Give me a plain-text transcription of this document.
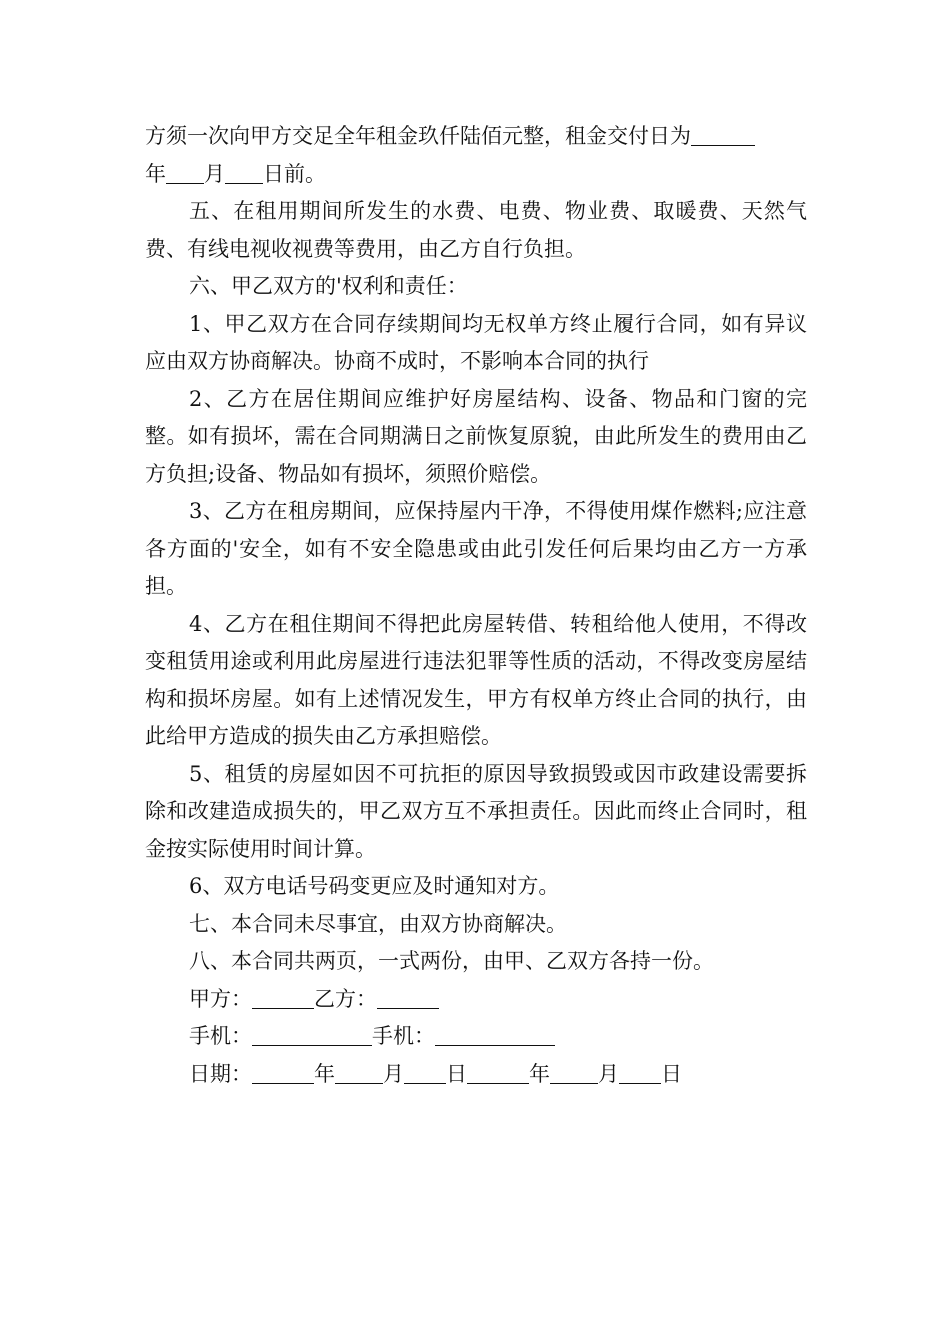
方须一次向甲方交足全年租金玖仟陆佰元整，租金交付日为
年 月 日前。

五、在租用期间所发生的水费、电费、物业费、取暖费、天然气费、有线电视收视费等费用，由乙方自行负担。

六、甲乙双方的'权利和责任：

1、甲乙双方在合同存续期间均无权单方终止履行合同，如有异议应由双方协商解决。协商不成时，不影响本合同的执行

2、乙方在居住期间应维护好房屋结构、设备、物品和门窗的完整。如有损坏，需在合同期满日之前恢复原貌，由此所发生的费用由乙方负担;设备、物品如有损坏，须照价赔偿。

3、乙方在租房期间，应保持屋内干净，不得使用煤作燃料;应注意各方面的'安全，如有不安全隐患或由此引发任何后果均由乙方一方承担。

4、乙方在租住期间不得把此房屋转借、转租给他人使用，不得改变租赁用途或利用此房屋进行违法犯罪等性质的活动，不得改变房屋结构和损坏房屋。如有上述情况发生，甲方有权单方终止合同的执行，由此给甲方造成的损失由乙方承担赔偿。

5、租赁的房屋如因不可抗拒的原因导致损毁或因市政建设需要拆除和改建造成损失的，甲乙双方互不承担责任。因此而终止合同时，租金按实际使用时间计算。

6、双方电话号码变更应及时通知对方。

七、本合同未尽事宜，由双方协商解决。

八、本合同共两页，一式两份，由甲、乙双方各持一份。

甲方：	乙方：

手机：	手机：

日期：	年 月 日	年 月 日
